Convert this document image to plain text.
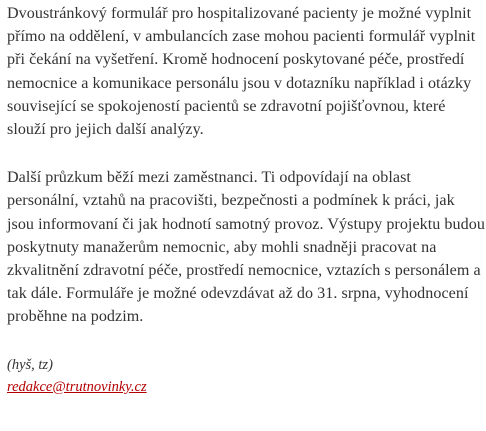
Dvoustránkový formulář pro hospitalizované pacienty je možné vyplnit přímo na oddělení, v ambulancích zase mohou pacienti formulář vyplnit při čekání na vyšetření. Kromě hodnocení poskytované péče, prostředí nemocnice a komunikace personálu jsou v dotazníku například i otázky související se spokojeností pacientů se zdravotní pojišťovnou, které slouží pro jejich další analýzy.

Další průzkum běží mezi zaměstnanci. Ti odpovídají na oblast personální, vztahů na pracovišti, bezpečnosti a podmínek k práci, jak jsou informovaní či jak hodnotí samotný provoz. Výstupy projektu budou poskytnuty manažerům nemocnic, aby mohli snadněji pracovat na zkvalitnění zdravotní péče, prostředí nemocnice, vztazích s personálem a tak dále. Formuláře je možné odevzdávat až do 31. srpna, vyhodnocení proběhne na podzim.

(hyš, tz)
redakce@trutnovinky.cz
